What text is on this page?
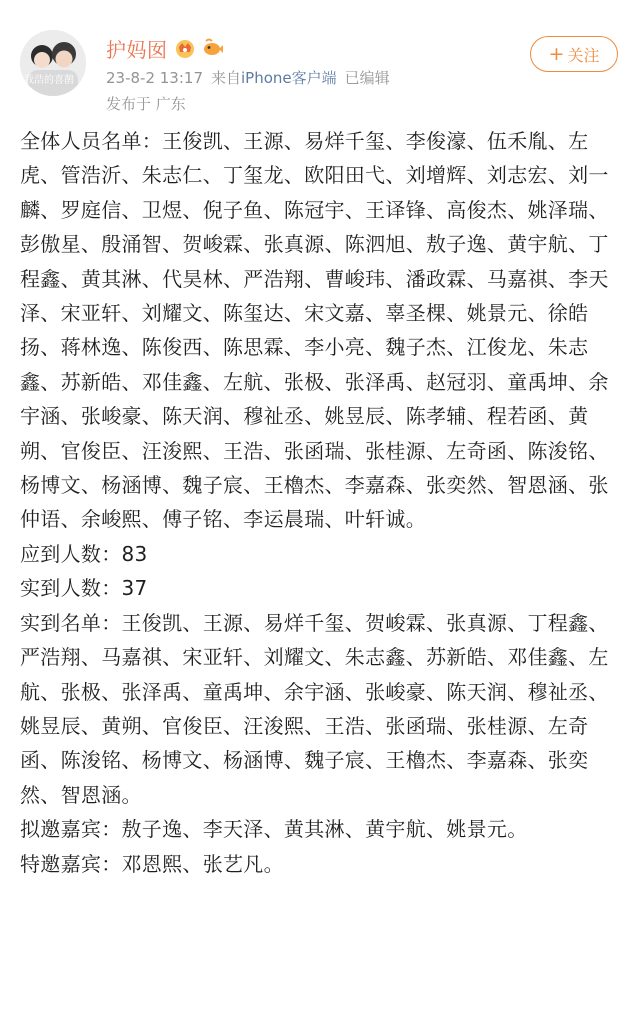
我浩的喜鹊
护妈囡
23-8-2 13:17 来自iPhone客户端 已编辑
发布于 广东
+ 关注

全体人员名单：王俊凯、王源、易烊千玺、李俊濠、伍禾胤、左虎、管浩沂、朱志仁、丁玺龙、欧阳田弋、刘增辉、刘志宏、刘一麟、罗庭信、卫煜、倪子鱼、陈冠宇、王译锋、高俊杰、姚泽瑞、彭傲星、殷涌智、贺峻霖、张真源、陈泗旭、敖子逸、黄宇航、丁程鑫、黄其淋、代昊林、严浩翔、曹峻玮、潘政霖、马嘉祺、李天泽、宋亚轩、刘耀文、陈玺达、宋文嘉、辜圣棵、姚景元、徐皓扬、蒋林逸、陈俊西、陈思霖、李小亮、魏子杰、江俊龙、朱志鑫、苏新皓、邓佳鑫、左航、张极、张泽禹、赵冠羽、童禹坤、余宇涵、张峻豪、陈天润、穆祉丞、姚昱辰、陈孝辅、程若函、黄朔、官俊臣、汪浚熙、王浩、张函瑞、张桂源、左奇函、陈浚铭、杨博文、杨涵博、魏子宸、王櫓杰、李嘉森、张奕然、智恩涵、张仲语、余峻熙、傅子铭、李运晨瑞、叶轩诚。

应到人数：83

实到人数：37

实到名单：王俊凯、王源、易烊千玺、贺峻霖、张真源、丁程鑫、严浩翔、马嘉祺、宋亚轩、刘耀文、朱志鑫、苏新皓、邓佳鑫、左航、张极、张泽禹、童禹坤、余宇涵、张峻豪、陈天润、穆祉丞、姚昱辰、黄朔、官俊臣、汪浚熙、王浩、张函瑞、张桂源、左奇函、陈浚铭、杨博文、杨涵博、魏子宸、王櫓杰、李嘉森、张奕然、智恩涵。

拟邀嘉宾：敖子逸、李天泽、黄其淋、黄宇航、姚景元。

特邀嘉宾：邓恩熙、张艺凡。
